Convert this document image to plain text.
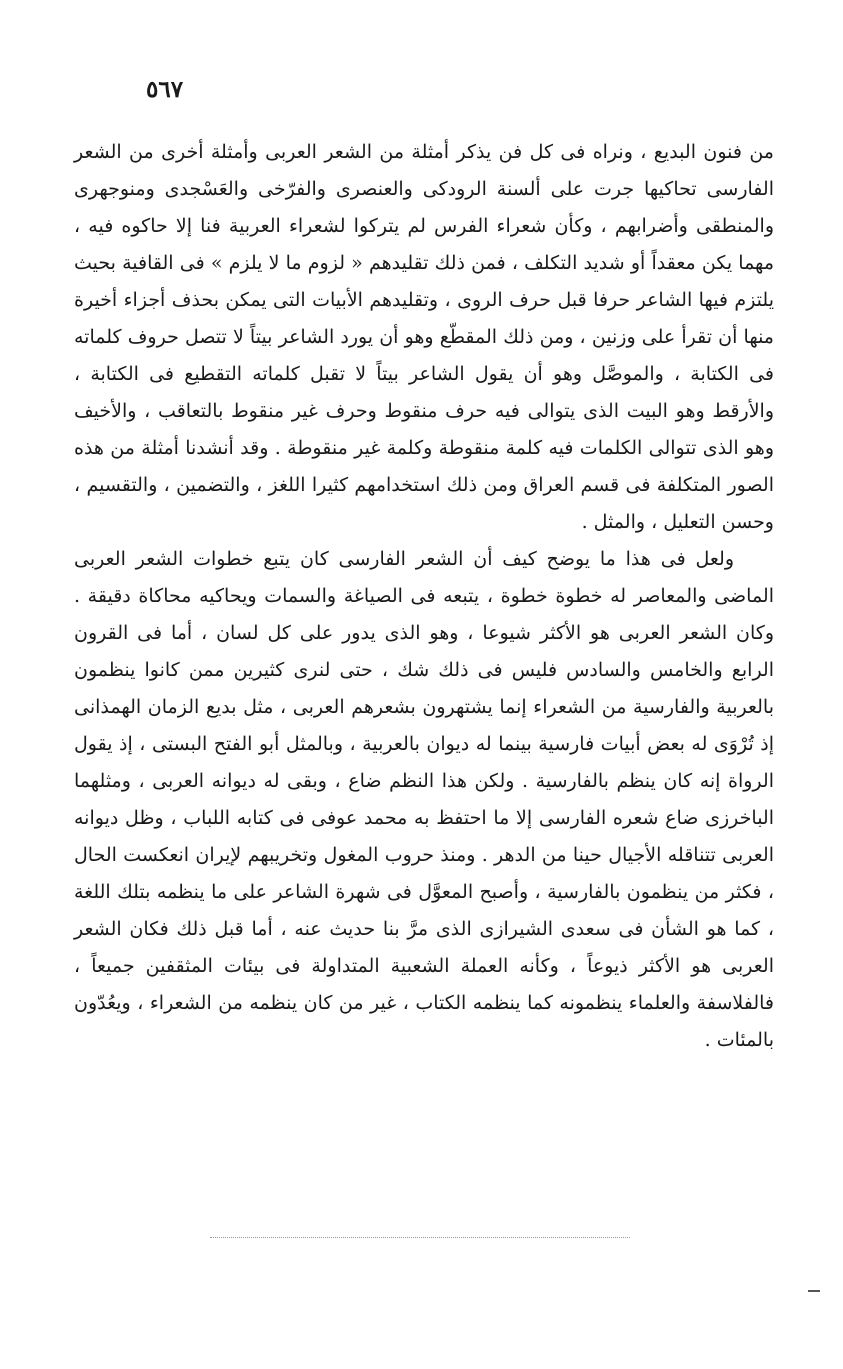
٥٦٧

من فنون البديع ، ونراه فى كل فن يذكر أمثلة من الشعر العربى وأمثلة أخرى من الشعر الفارسى تحاكيها جرت على ألسنة الرودكى والعنصرى والفرّخى والعَسْجدى ومنوجهرى والمنطقى وأضرابهم ، وكأن شعراء الفرس لم يتركوا لشعراء العربية فنا إلا حاكوه فيه ، مهما يكن معقداً أو شديد التكلف ، فمن ذلك تقليدهم « لزوم ما لا يلزم » فى القافية بحيث يلتزم فيها الشاعر حرفا قبل حرف الروى ، وتقليدهم الأبيات التى يمكن بحذف أجزاء أخيرة منها أن تقرأ على وزنين ، ومن ذلك المقطّع وهو أن يورد الشاعر بيتاً لا تتصل حروف كلماته فى الكتابة ، والموصَّل وهو أن يقول الشاعر بيتاً لا تقبل كلماته التقطيع فى الكتابة ، والأرقط وهو البيت الذى يتوالى فيه حرف منقوط وحرف غير منقوط بالتعاقب ، والأخيف وهو الذى تتوالى الكلمات فيه كلمة منقوطة وكلمة غير منقوطة . وقد أنشدنا أمثلة من هذه الصور المتكلفة فى قسم العراق ومن ذلك استخدامهم كثيرا اللغز ، والتضمين ، والتقسيم ، وحسن التعليل ، والمثل .

ولعل فى هذا ما يوضح كيف أن الشعر الفارسى كان يتبع خطوات الشعر العربى الماضى والمعاصر له خطوة خطوة ، يتبعه فى الصياغة والسمات ويحاكيه محاكاة دقيقة . وكان الشعر العربى هو الأكثر شيوعا ، وهو الذى يدور على كل لسان ، أما فى القرون الرابع والخامس والسادس فليس فى ذلك شك ، حتى لنرى كثيرين ممن كانوا ينظمون بالعربية والفارسية من الشعراء إنما يشتهرون بشعرهم العربى ، مثل بديع الزمان الهمذانى إذ تُرْوَى له بعض أبيات فارسية بينما له ديوان بالعربية ، وبالمثل أبو الفتح البستى ، إذ يقول الرواة إنه كان ينظم بالفارسية . ولكن هذا النظم ضاع ، وبقى له ديوانه العربى ، ومثلهما الباخرزى ضاع شعره الفارسى إلا ما احتفظ به محمد عوفى فى كتابه اللباب ، وظل ديوانه العربى تتناقله الأجيال حينا من الدهر . ومنذ حروب المغول وتخريبهم لإيران انعكست الحال ، فكثر من ينظمون بالفارسية ، وأصبح المعوَّل فى شهرة الشاعر على ما ينظمه بتلك اللغة ، كما هو الشأن فى سعدى الشيرازى الذى مرَّ بنا حديث عنه ، أما قبل ذلك فكان الشعر العربى هو الأكثر ذيوعاً ، وكأنه العملة الشعبية المتداولة فى بيئات المثقفين جميعاً ، فالفلاسفة والعلماء ينظمونه كما ينظمه الكتاب ، غير من كان ينظمه من الشعراء ، ويعُدّون بالمئات .
